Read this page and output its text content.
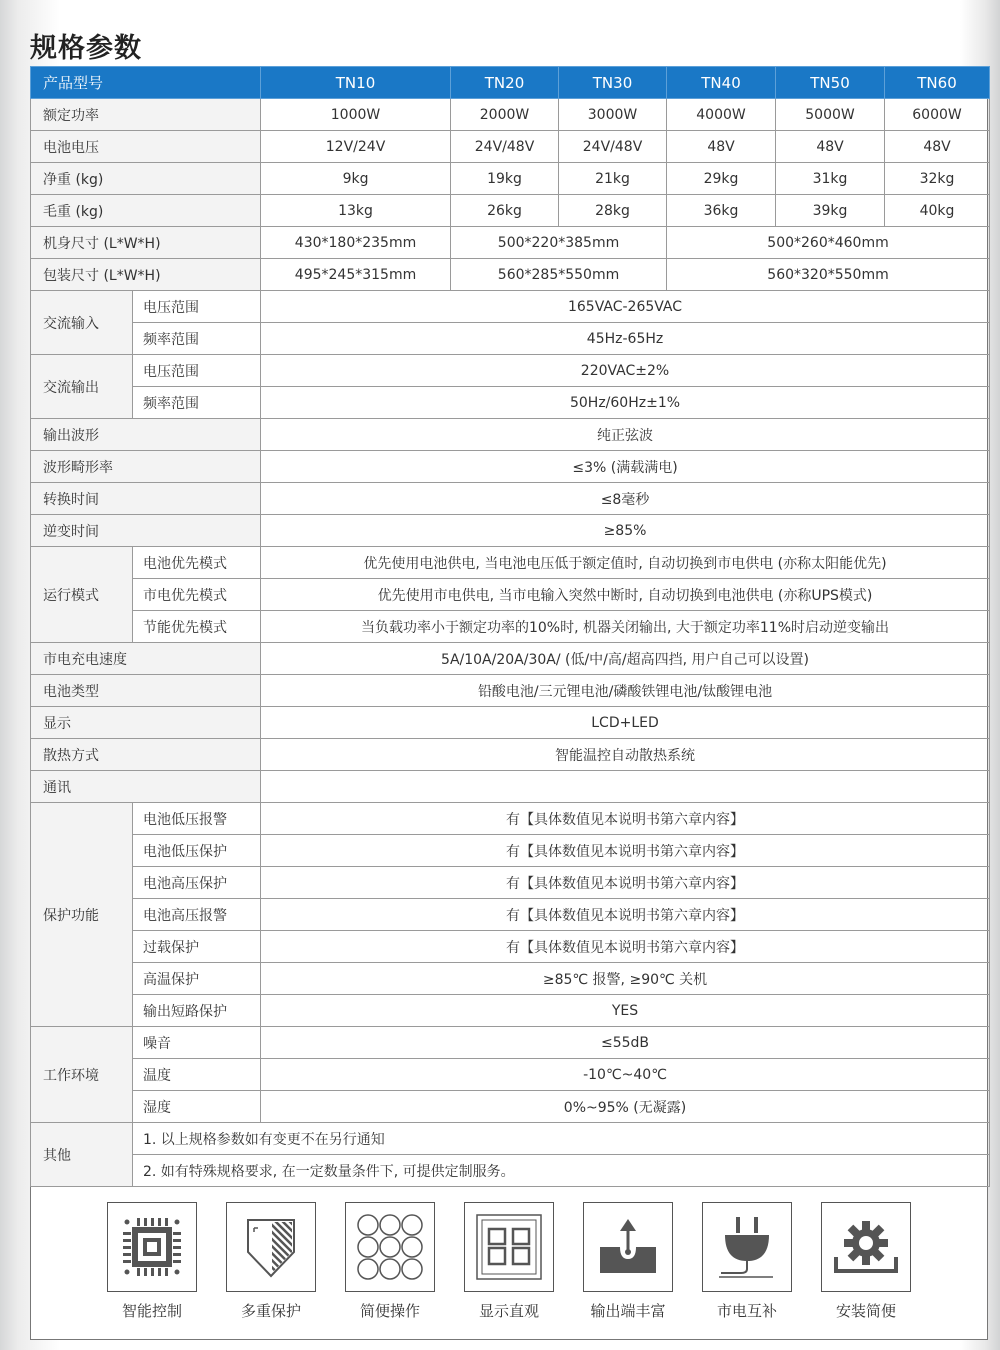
规格参数
产品型号		TN10	TN20	TN30	TN40	TN50	TN60
额定功率		1000W	2000W	3000W	4000W	5000W	6000W
电池电压		12V/24V	24V/48V	24V/48V	48V	48V	48V
净重 (kg)		9kg	19kg	21kg	29kg	31kg	32kg
毛重 (kg)		13kg	26kg	28kg	36kg	39kg	40kg
机身尺寸 (L*W*H)		430*180*235mm	500*220*385mm		500*260*460mm		
包装尺寸 (L*W*H)		495*245*315mm	560*285*550mm		560*320*550mm		
交流输入	电压范围	165VAC-265VAC					
	频率范围	45Hz-65Hz					
交流输出	电压范围	220VAC±2%					
	频率范围	50Hz/60Hz±1%					
输出波形		纯正弦波					
波形畸形率		≤3% (满载满电)					
转换时间		≤8毫秒					
逆变时间		≥85%					
运行模式	电池优先模式	优先使用电池供电, 当电池电压低于额定值时, 自动切换到市电供电 (亦称太阳能优先)					
	市电优先模式	优先使用市电供电, 当市电输入突然中断时, 自动切换到电池供电 (亦称UPS模式)					
	节能优先模式	当负载功率小于额定功率的10%时, 机器关闭输出, 大于额定功率11%时启动逆变输出					
市电充电速度		5A/10A/20A/30A/ (低/中/高/超高四挡, 用户自己可以设置)					
电池类型		铅酸电池/三元锂电池/磷酸铁锂电池/钛酸锂电池					
显示		LCD+LED					
散热方式		智能温控自动散热系统					
通讯							
保护功能	电池低压报警	有【具体数值见本说明书第六章内容】					
	电池低压保护	有【具体数值见本说明书第六章内容】					
	电池高压保护	有【具体数值见本说明书第六章内容】					
	电池高压报警	有【具体数值见本说明书第六章内容】					
	过载保护	有【具体数值见本说明书第六章内容】					
	高温保护	≥85℃ 报警, ≥90℃ 关机					
	输出短路保护	YES					
工作环境	噪音	≤55dB					
	温度	-10℃~40℃					
	湿度	0%~95% (无凝露)					
其他	1. 以上规格参数如有变更不在另行通知						
	2. 如有特殊规格要求, 在一定数量条件下, 可提供定制服务。						
智能控制	多重保护	简便操作	显示直观	输出端丰富	市电互补	安装简便
